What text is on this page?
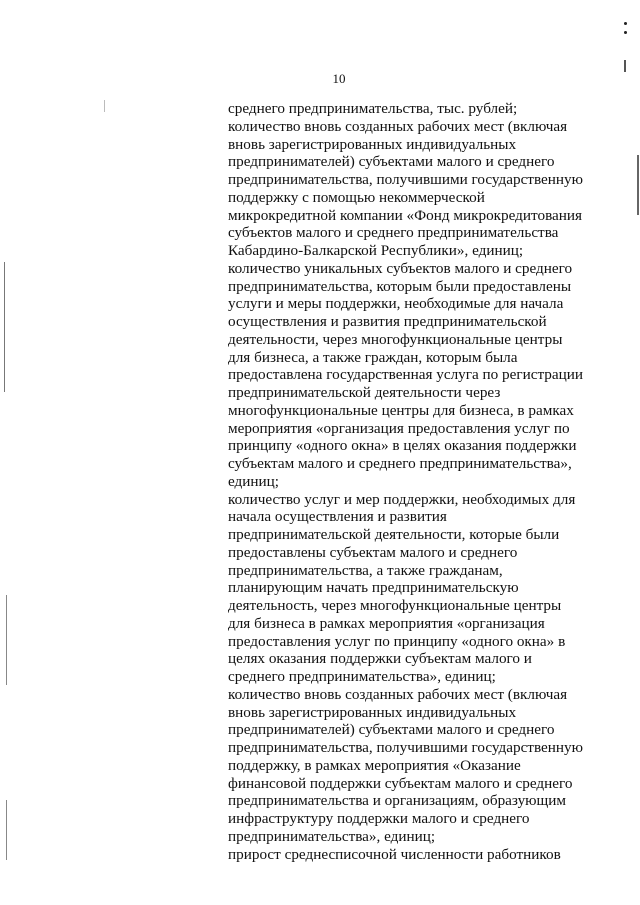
10
среднего предпринимательства, тыс. рублей;
количество вновь созданных рабочих мест (включая
вновь зарегистрированных индивидуальных
предпринимателей) субъектами малого и среднего
предпринимательства, получившими государственную
поддержку с помощью некоммерческой
микрокредитной компании «Фонд микрокредитования
субъектов малого и среднего предпринимательства
Кабардино-Балкарской Республики», единиц;
количество уникальных субъектов малого и среднего
предпринимательства, которым были предоставлены
услуги и меры поддержки, необходимые для начала
осуществления и развития предпринимательской
деятельности, через многофункциональные центры
для бизнеса, а также граждан, которым была
предоставлена государственная услуга по регистрации
предпринимательской деятельности через
многофункциональные центры для бизнеса, в рамках
мероприятия «организация предоставления услуг по
принципу «одного окна» в целях оказания поддержки
субъектам малого и среднего предпринимательства»,
единиц;
количество услуг и мер поддержки, необходимых для
начала осуществления и развития
предпринимательской деятельности, которые были
предоставлены субъектам малого и среднего
предпринимательства, а также гражданам,
планирующим начать предпринимательскую
деятельность, через многофункциональные центры
для бизнеса в рамках мероприятия «организация
предоставления услуг по принципу «одного окна» в
целях оказания поддержки субъектам малого и
среднего предпринимательства», единиц;
количество вновь созданных рабочих мест (включая
вновь зарегистрированных индивидуальных
предпринимателей) субъектами малого и среднего
предпринимательства, получившими государственную
поддержку, в рамках мероприятия «Оказание
финансовой поддержки субъектам малого и среднего
предпринимательства и организациям, образующим
инфраструктуру поддержки малого и среднего
предпринимательства», единиц;
прирост среднесписочной численности работников
